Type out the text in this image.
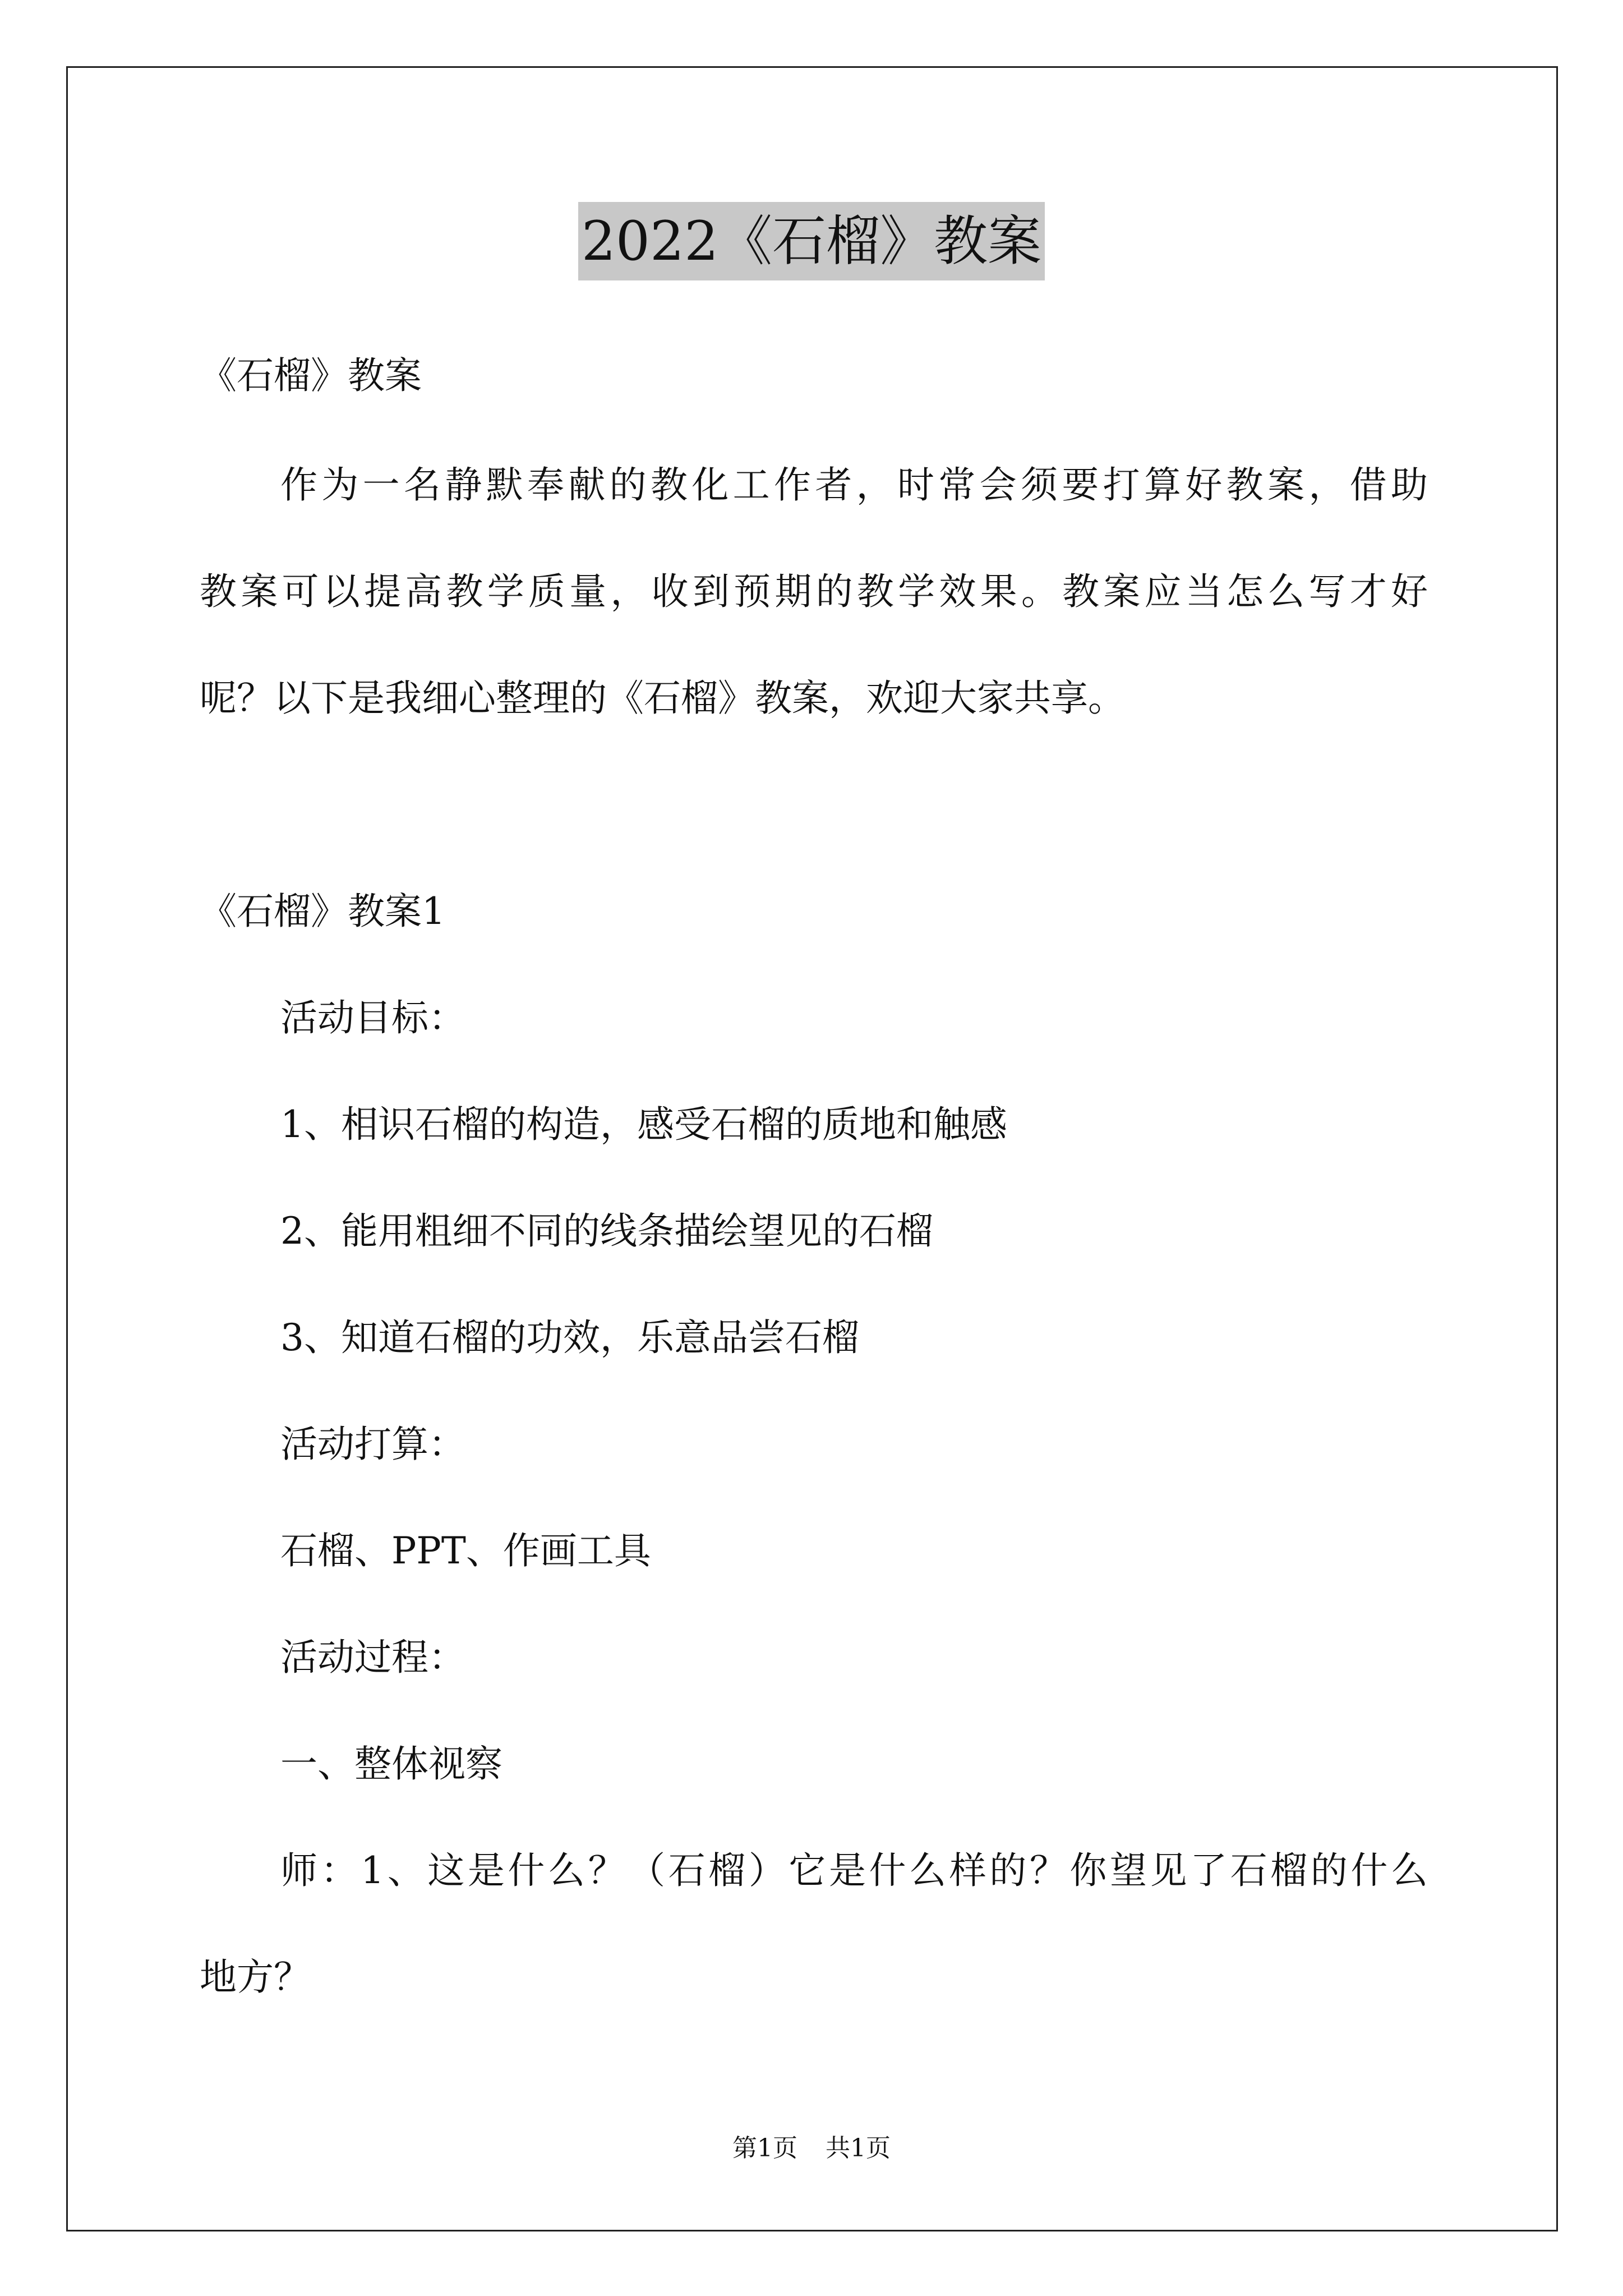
2022《石榴》教案
《石榴》教案
作为一名静默奉献的教化工作者，时常会须要打算好教案，借助
教案可以提高教学质量，收到预期的教学效果。教案应当怎么写才好
呢？以下是我细心整理的《石榴》教案，欢迎大家共享。
《石榴》教案1
活动目标：
1、相识石榴的构造，感受石榴的质地和触感
2、能用粗细不同的线条描绘望见的石榴
3、知道石榴的功效，乐意品尝石榴
活动打算：
石榴、PPT、作画工具
活动过程：
一、整体视察
师：1、这是什么？（石榴）它是什么样的？你望见了石榴的什么
地方？
第1页 共1页
